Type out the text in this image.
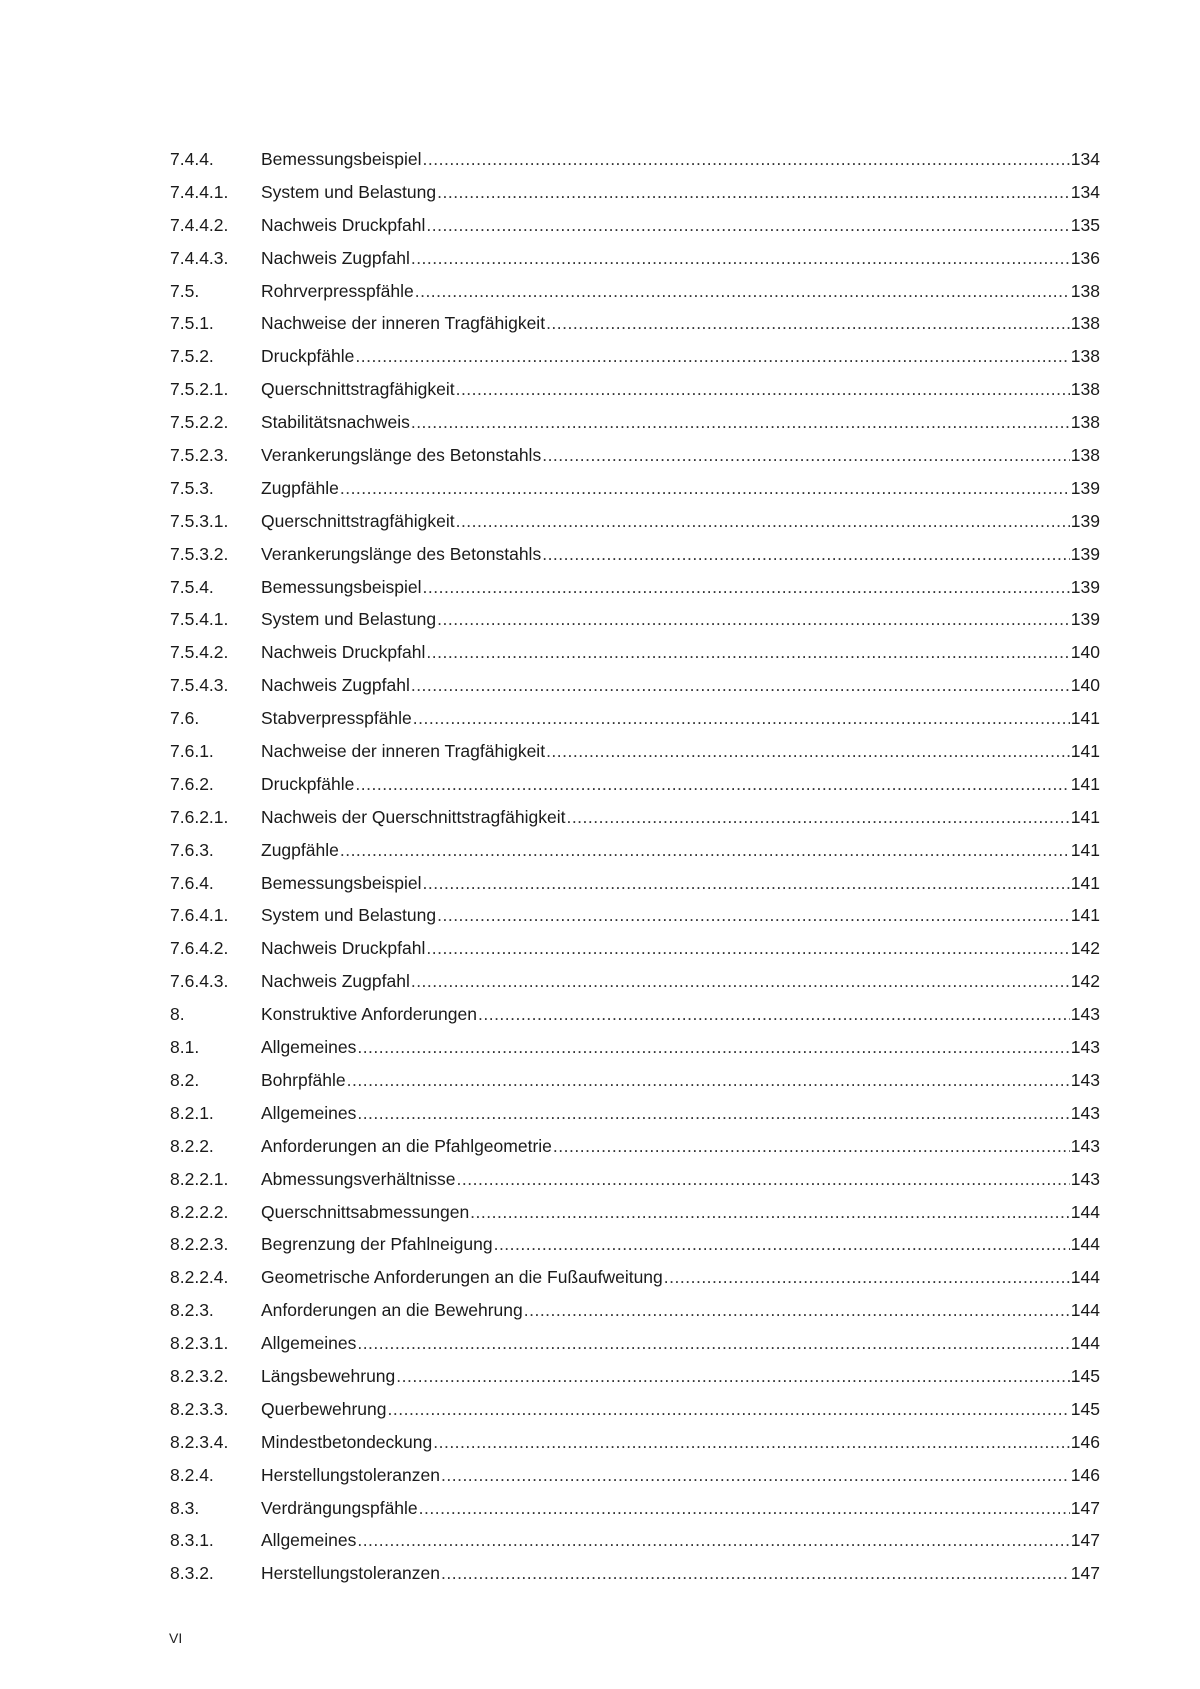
7.4.4.	Bemessungsbeispiel .....	134
7.4.4.1.	System und Belastung .....	134
7.4.4.2.	Nachweis Druckpfahl .....	135
7.4.4.3.	Nachweis Zugpfahl .....	136
7.5.	Rohrverpresspfähle .....	138
7.5.1.	Nachweise der inneren Tragfähigkeit .....	138
7.5.2.	Druckpfähle .....	138
7.5.2.1.	Querschnittstragfähigkeit .....	138
7.5.2.2.	Stabilitätsnachweis .....	138
7.5.2.3.	Verankerungslänge des Betonstahls .....	138
7.5.3.	Zugpfähle .....	139
7.5.3.1.	Querschnittstragfähigkeit .....	139
7.5.3.2.	Verankerungslänge des Betonstahls .....	139
7.5.4.	Bemessungsbeispiel .....	139
7.5.4.1.	System und Belastung .....	139
7.5.4.2.	Nachweis Druckpfahl .....	140
7.5.4.3.	Nachweis Zugpfahl .....	140
7.6.	Stabverpresspfähle .....	141
7.6.1.	Nachweise der inneren Tragfähigkeit .....	141
7.6.2.	Druckpfähle .....	141
7.6.2.1.	Nachweis der Querschnittstragfähigkeit .....	141
7.6.3.	Zugpfähle .....	141
7.6.4.	Bemessungsbeispiel .....	141
7.6.4.1.	System und Belastung .....	141
7.6.4.2.	Nachweis Druckpfahl .....	142
7.6.4.3.	Nachweis Zugpfahl .....	142
8.	Konstruktive Anforderungen .....	143
8.1.	Allgemeines .....	143
8.2.	Bohrpfähle .....	143
8.2.1.	Allgemeines .....	143
8.2.2.	Anforderungen an die Pfahlgeometrie .....	143
8.2.2.1.	Abmessungsverhältnisse .....	143
8.2.2.2.	Querschnittsabmessungen .....	144
8.2.2.3.	Begrenzung der Pfahlneigung .....	144
8.2.2.4.	Geometrische Anforderungen an die Fußaufweitung .....	144
8.2.3.	Anforderungen an die Bewehrung .....	144
8.2.3.1.	Allgemeines .....	144
8.2.3.2.	Längsbewehrung .....	145
8.2.3.3.	Querbewehrung .....	145
8.2.3.4.	Mindestbetondeckung .....	146
8.2.4.	Herstellungstoleranzen .....	146
8.3.	Verdrängungspfähle .....	147
8.3.1.	Allgemeines .....	147
8.3.2.	Herstellungstoleranzen .....	147
VI
